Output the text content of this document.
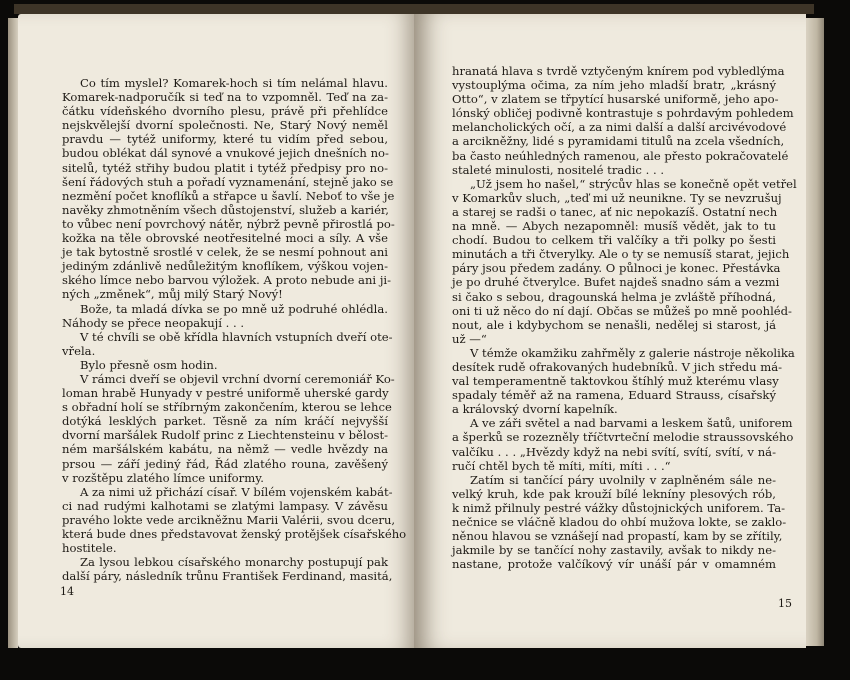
Co tím myslel? Komarek-hoch si tím nelámal hlavu.
Komarek-nadporučík si teď na to vzpomněl. Teď na za-
čátku vídeňského dvorního plesu, právě při přehlídce
nejskvělejší dvorní společnosti. Ne, Starý Nový neměl
pravdu — tytéž uniformy, které tu vidím před sebou,
budou oblékat dál synové a vnukové jejich dnešních no-
sitelů, tytéž střihy budou platit i tytéž předpisy pro no-
šení řádových stuh a pořadí vyznamenání, stejně jako se
nezmění počet knoflíků a střapce u šavlí. Neboť to vše je
navěky zhmotněním všech důstojenství, služeb a kariér,
to vůbec není povrchový nátěr, nýbrž pevně přirostlá po-
kožka na těle obrovské neotřesitelné moci a síly. A vše
je tak bytostně srostlé v celek, že se nesmí pohnout ani
jediným zdánlivě nedůležitým knoflíkem, výškou vojen-
ského límce nebo barvou výložek. A proto nebude ani ji-
ných „změnek“, můj milý Starý Nový!
Bože, ta mladá dívka se po mně už podruhé ohlédla.
Náhody se přece neopakují . . .
V té chvíli se obě křídla hlavních vstupních dveří ote-
vřela.
Bylo přesně osm hodin.
V rámci dveří se objevil vrchní dvorní ceremoniář Ko-
loman hrabě Hunyady v pestré uniformě uherské gardy
s obřadní holí se stříbrným zakončením, kterou se lehce
dotýká lesklých parket. Těsně za ním kráčí nejvyšší
dvorní maršálek Rudolf princ z Liechtensteinu v bělost-
ném maršálském kabátu, na němž — vedle hvězdy na
prsou — září jediný řád, Řád zlatého rouna, zavěšený
v rozštěpu zlatého límce uniformy.
A za nimi už přichází císař. V bílém vojenském kabát-
ci nad rudými kalhotami se zlatými lampasy. V závěsu
pravého lokte vede arcikněžnu Marii Valérii, svou dceru,
která bude dnes představovat ženský protějšek císařského
hostitele.
Za lysou lebkou císařského monarchy postupují pak
další páry, následník trůnu František Ferdinand, masitá,
14
hranatá hlava s tvrdě vztyčeným knírem pod vybledlýma
vystouplýma očima, za ním jeho mladší bratr, „krásný
Otto“, v zlatem se třpytící husarské uniformě, jeho apo-
lónský obličej podivně kontrastuje s pohrdavým pohledem
melancholických očí, a za nimi další a další arcivévodové
a arcikněžny, lidé s pyramidami titulů na zcela všedních,
ba často neúhledných ramenou, ale přesto pokračovatelé
staleté minulosti, nositelé tradic . . .
„Už jsem ho našel,“ strýcův hlas se konečně opět vetřel
v Komarkův sluch, „teď mi už neunikne. Ty se nevzrušuj
a starej se radši o tanec, ať nic nepokazíš. Ostatní nech
na mně. — Abych nezapomněl: musíš vědět, jak to tu
chodí. Budou to celkem tři valčíky a tři polky po šesti
minutách a tři čtverylky. Ale o ty se nemusíš starat, jejich
páry jsou předem zadány. O půlnoci je konec. Přestávka
je po druhé čtverylce. Bufet najdeš snadno sám a vezmi
si čako s sebou, dragounská helma je zvláště příhodná,
oni ti už něco do ní dají. Občas se můžeš po mně poohléd-
nout, ale i kdybychom se nenašli, nedělej si starost, já
už —“
V témže okamžiku zahřměly z galerie nástroje několika
desítek rudě ofrakovaných hudebníků. V jich středu má-
val temperamentně taktovkou štíhlý muž kterému vlasy
spadaly téměř až na ramena, Eduard Strauss, císařský
a královský dvorní kapelník.
A ve záři světel a nad barvami a leskem šatů, uniforem
a šperků se rozezněly tříčtvrteční melodie straussovského
valčíku . . . „Hvězdy když na nebi svítí, svítí, svítí, v ná-
ručí chtěl bych tě míti, míti, míti . . .“
Zatím si tančící páry uvolnily v zaplněném sále ne-
velký kruh, kde pak krouží bílé lekníny plesových rób,
k nimž přilnuly pestré vážky důstojnických uniforem. Ta-
nečnice se vláčně kladou do ohbí mužova lokte, se zaklo-
něnou hlavou se vznášejí nad propastí, kam by se zřítily,
jakmile by se tančící nohy zastavily, avšak to nikdy ne-
nastane, protože valčíkový vír unáší pár v omamném
15
